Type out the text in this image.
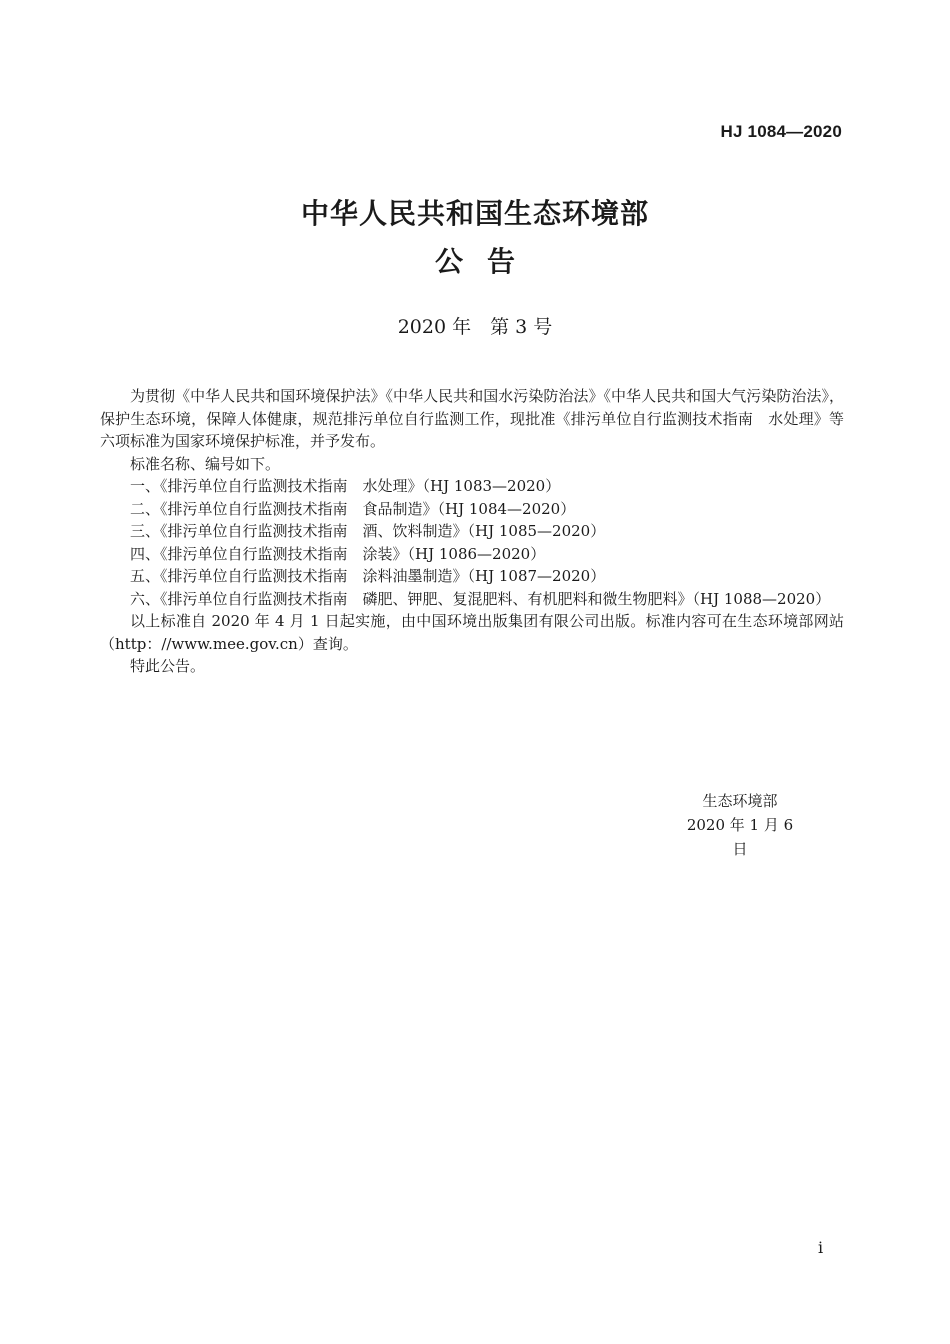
HJ 1084—2020
中华人民共和国生态环境部
公告
2020 年　第 3 号

为贯彻《中华人民共和国环境保护法》《中华人民共和国水污染防治法》《中华人民共和国大气污染防治法》，保护生态环境，保障人体健康，规范排污单位自行监测工作，现批准《排污单位自行监测技术指南　水处理》等六项标准为国家环境保护标准，并予发布。

标准名称、编号如下。

一、《排污单位自行监测技术指南　水处理》（HJ 1083—2020）

二、《排污单位自行监测技术指南　食品制造》（HJ 1084—2020）

三、《排污单位自行监测技术指南　酒、饮料制造》（HJ 1085—2020）

四、《排污单位自行监测技术指南　涂装》（HJ 1086—2020）

五、《排污单位自行监测技术指南　涂料油墨制造》（HJ 1087—2020）

六、《排污单位自行监测技术指南　磷肥、钾肥、复混肥料、有机肥料和微生物肥料》（HJ 1088—2020）

以上标准自 2020 年 4 月 1 日起实施，由中国环境出版集团有限公司出版。标准内容可在生态环境部网站（http：//www.mee.gov.cn）查询。

特此公告。

生态环境部
2020 年 1 月 6 日
i
